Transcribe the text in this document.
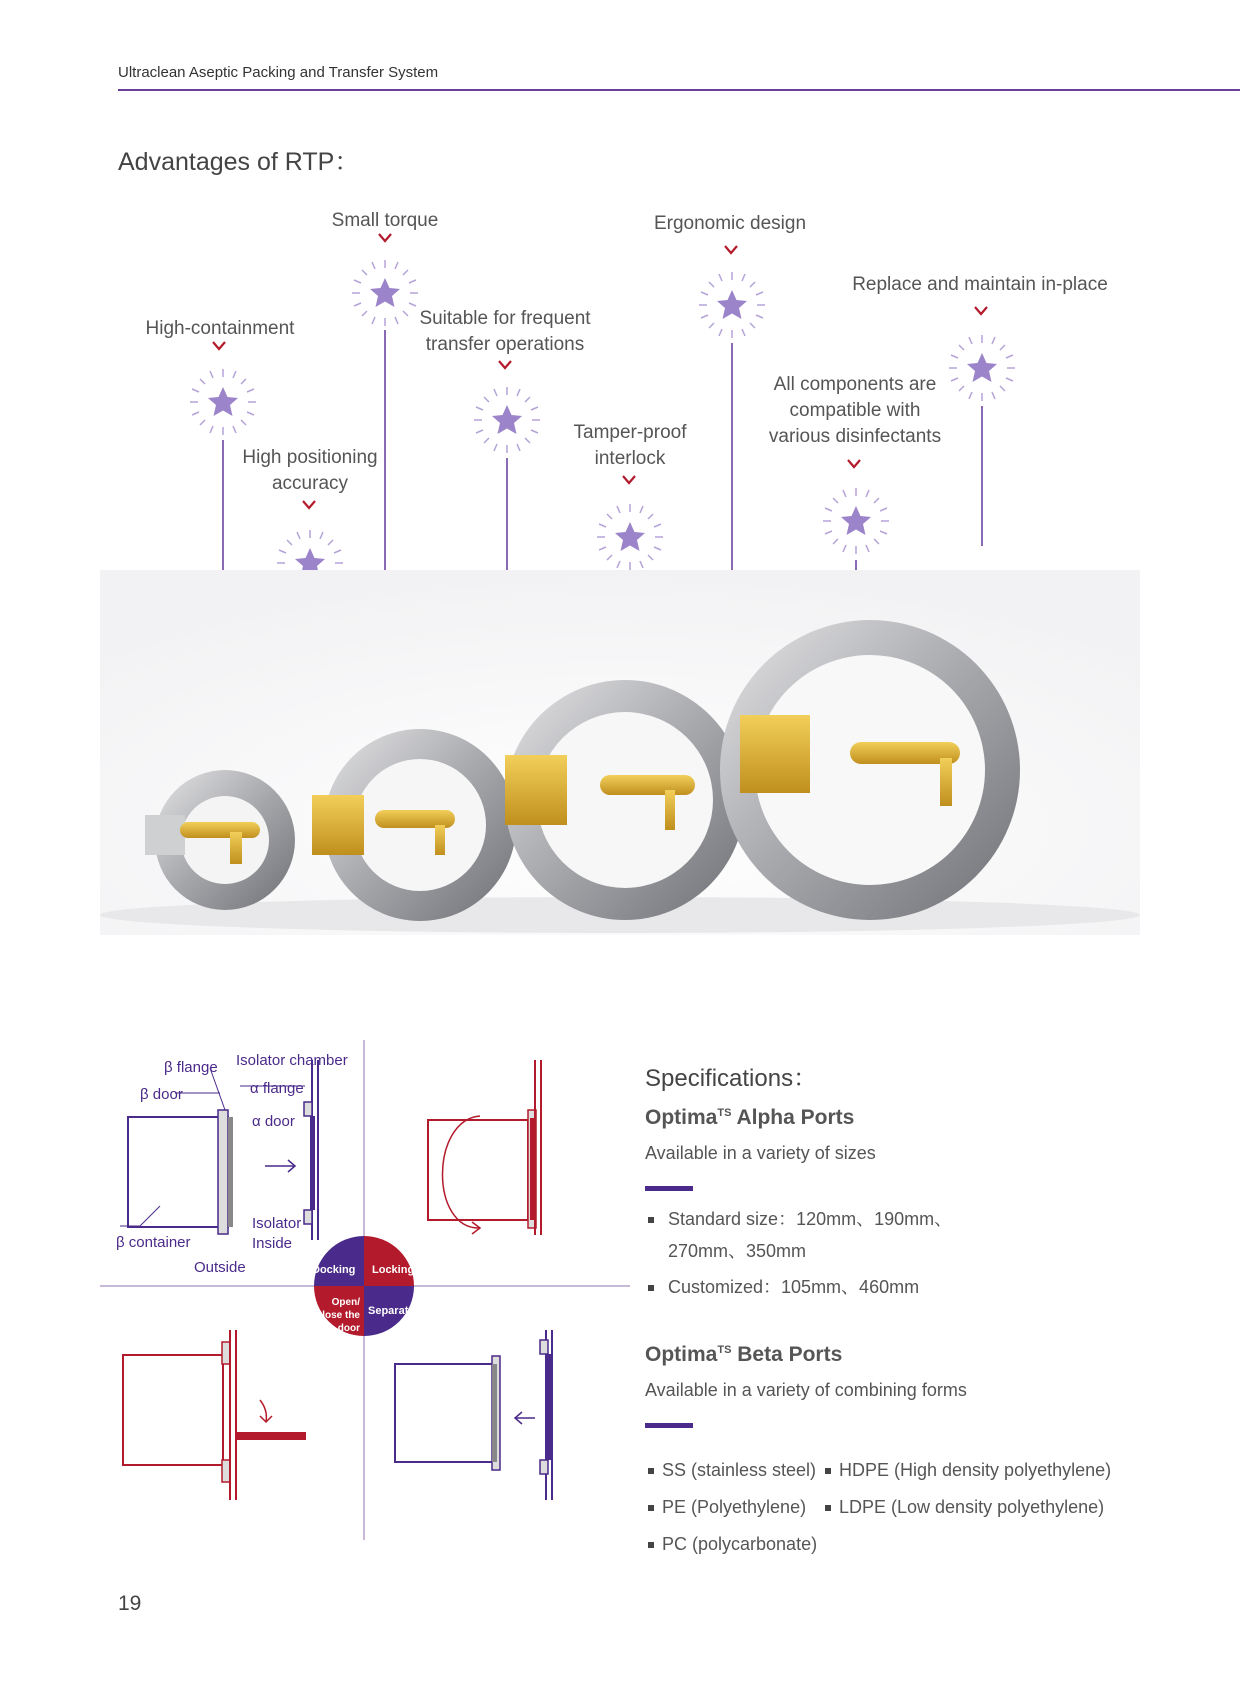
Ultraclean Aseptic Packing and Transfer System
Advantages of RTP：
High-containment
Small torque
High positioning
accuracy
Suitable for frequent
transfer operations
Tamper-proof
interlock
Ergonomic design
All components are
compatible with
various disinfectants
Replace and maintain in-place
β flange Isolator chamber
β door	α flange
α door
β container
Isolator
Inside
Outside	Docking Locking
Open/
Close the
door
Separate
Specifications：
Optima$^{TS}$ Alpha Ports
Available in a variety of sizes
Standard size：120mm、190mm、
270mm、350mm
Customized：105mm、460mm
Optima$^{TS}$ Beta Ports
Available in a variety of combining forms
SS (stainless steel)	HDPE (High density polyethylene)
PE (Polyethylene)	LDPE (Low density polyethylene)
PC (polycarbonate)
19
